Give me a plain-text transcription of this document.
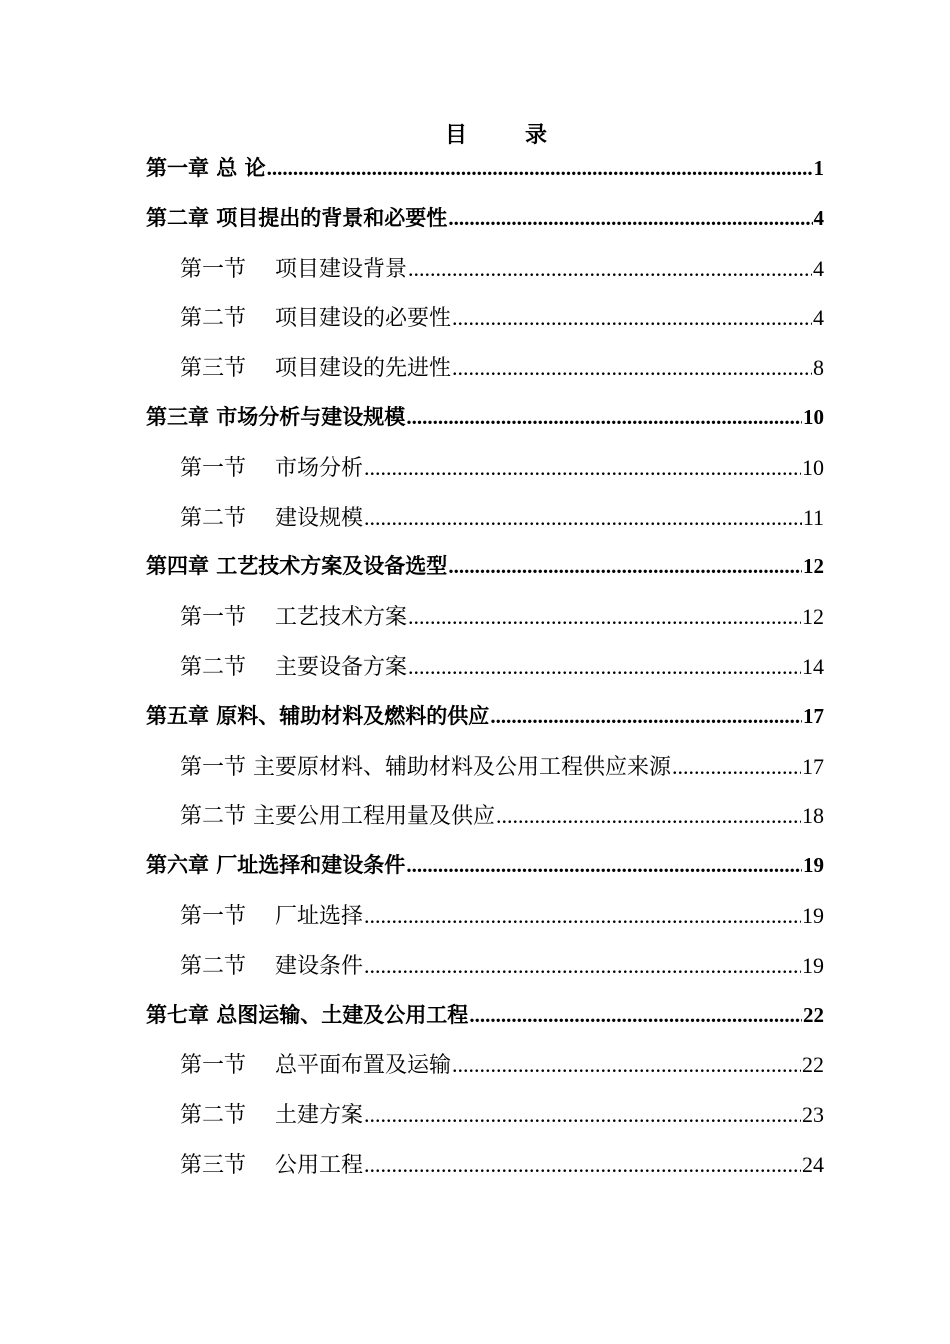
目　录
第一章 总 论 .....	1
第二章 项目提出的背景和必要性 .....	4
第一节　 项目建设背景 .....	4
第二节　 项目建设的必要性 .....	4
第三节　 项目建设的先进性 .....	8
第三章 市场分析与建设规模 .....	10
第一节　 市场分析 .....	10
第二节　 建设规模 .....	11
第四章 工艺技术方案及设备选型 .....	12
第一节　 工艺技术方案 .....	12
第二节　 主要设备方案 .....	14
第五章 原料、辅助材料及燃料的供应 .....	17
第一节 主要原材料、辅助材料及公用工程供应来源 .....	17
第二节 主要公用工程用量及供应 .....	18
第六章 厂址选择和建设条件 .....	19
第一节　 厂址选择 .....	19
第二节　 建设条件 .....	19
第七章 总图运输、土建及公用工程 .....	22
第一节　 总平面布置及运输 .....	22
第二节　 土建方案 .....	23
第三节　 公用工程 .....	24
